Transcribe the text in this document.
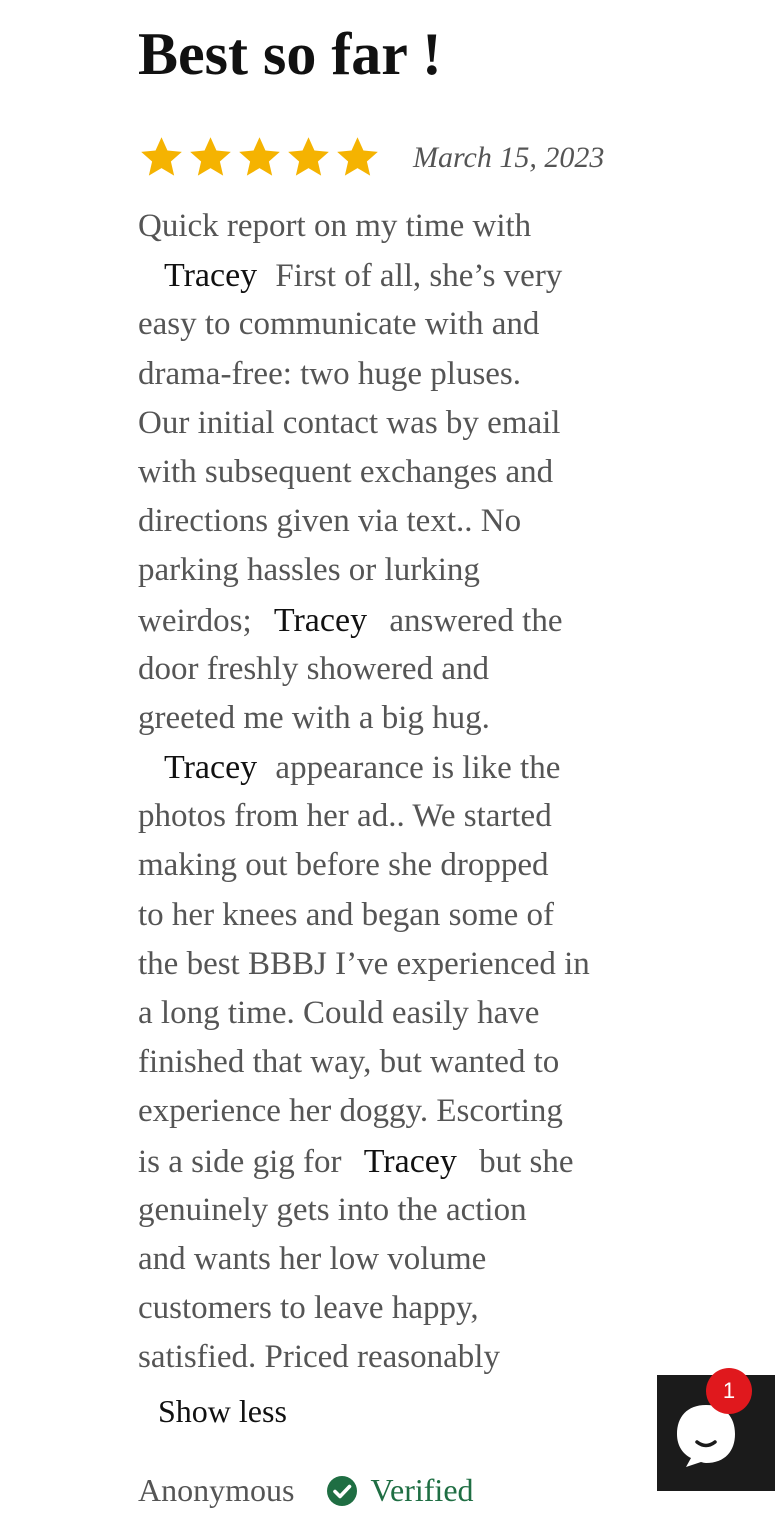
Best so far !
March 15, 2023
Quick report on my time with
Tracey First of all, she’s very
easy to communicate with and
drama-free: two huge pluses.
Our initial contact was by email
with subsequent exchanges and
directions given via text.. No
parking hassles or lurking
weirdos; Tracey answered the
door freshly showered and
greeted me with a big hug.
Tracey appearance is like the
photos from her ad.. We started
making out before she dropped
to her knees and began some of
the best BBBJ I’ve experienced in
a long time. Could easily have
finished that way, but wanted to
experience her doggy. Escorting
is a side gig for Tracey but she
genuinely gets into the action
and wants her low volume
customers to leave happy,
satisfied. Priced reasonably
Show less
Anonymous Verified
1
